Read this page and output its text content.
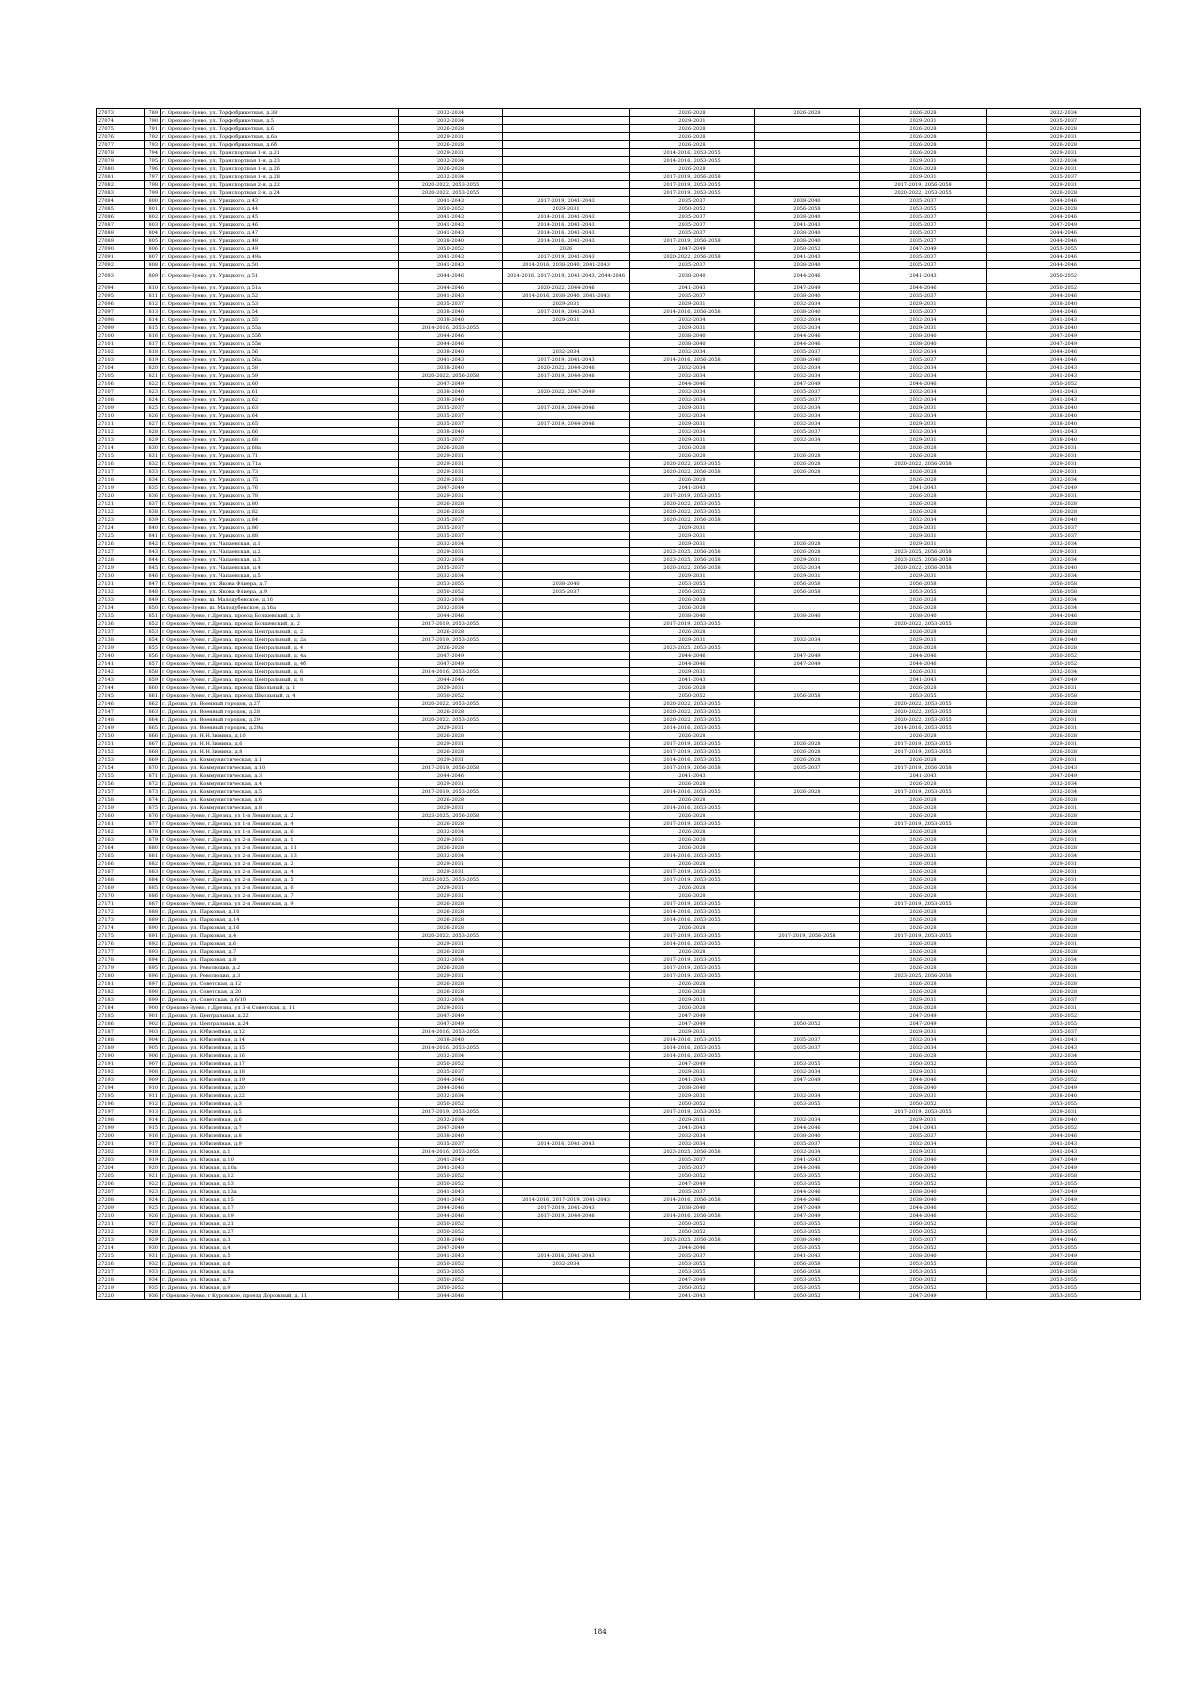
27073	789	г. Орехово-Зуево, ул. Торфобрикетная, д.38	2032-2034		2026-2028	2026-2028	2026-2028	2032-2034
27074	790	г. Орехово-Зуево, ул. Торфобрикетная, д.5	2032-2034		2029-2031		2029-2031	2035-2037
27075	791	г. Орехово-Зуево, ул. Торфобрикетная, д.6	2026-2028		2026-2028		2026-2028	2026-2028
27076	792	г. Орехово-Зуево, ул. Торфобрикетная, д.6а	2029-2031		2026-2028		2026-2028	2029-2031
27077	793	г. Орехово-Зуево, ул. Торфобрикетная, д.6б	2026-2028		2026-2028		2026-2028	2026-2028
27078	794	г. Орехово-Зуево, ул. Транспортная 1-я, д.21	2029-2031		2014-2016, 2053-2055		2026-2028	2029-2031
27079	795	г. Орехово-Зуево, ул. Транспортная 1-я, д.23	2032-2034		2014-2016, 2053-2055		2029-2031	2032-2034
27080	796	г. Орехово-Зуево, ул. Транспортная 1-я, д.26	2026-2028		2026-2028		2026-2028	2029-2031
27081	797	г. Орехово-Зуево, ул. Транспортная 1-я, д.28	2032-2034		2017-2019, 2056-2058		2029-2031	2035-2037
27082	798	г. Орехово-Зуево, ул. Транспортная 2-я, д.22	2020-2022, 2053-2055		2017-2019, 2053-2055		2017-2019, 2056-2058	2029-2031
27083	799	г. Орехово-Зуево, ул. Транспортная 2-я, д.24	2020-2022, 2053-2055		2017-2019, 2053-2055		2020-2022, 2053-2055	2026-2028
27084	800	г. Орехово-Зуево, ул. Урицкого, д.43	2041-2043	2017-2019, 2041-2043	2035-2037	2038-2040	2035-2037	2044-2046
27085	801	г. Орехово-Зуево, ул. Урицкого, д.44	2050-2052	2029-2031	2050-2052	2056-2058	2053-2055	2026-2028
27086	802	г. Орехово-Зуево, ул. Урицкого, д.45	2041-2043	2014-2016, 2041-2043	2035-2037	2038-2040	2035-2037	2044-2046
27087	803	г. Орехово-Зуево, ул. Урицкого, д.46	2041-2043	2014-2016, 2041-2043	2035-2037	2041-2043	2035-2037	2047-2049
27088	804	г. Орехово-Зуево, ул. Урицкого, д.47	2041-2043	2014-2016, 2041-2043	2035-2037	2038-2040	2035-2037	2044-2046
27089	805	г. Орехово-Зуево, ул. Урицкого, д.48	2038-2040	2014-2016, 2041-2043	2017-2019, 2056-2058	2038-2040	2035-2037	2044-2046
27090	806	г. Орехово-Зуево, ул. Урицкого, д.49	2050-2052	2026	2047-2049	2050-2052	2047-2049	2053-2055
27091	807	г. Орехово-Зуево, ул. Урицкого, д.49а	2041-2043	2017-2019, 2041-2043	2020-2022, 2056-2058	2041-2043	2035-2037	2044-2046
27092	808	г. Орехово-Зуево, ул. Урицкого, д.50	2041-2043	2014-2016, 2038-2040, 2041-2043	2035-2037	2038-2040	2035-2037	2044-2046
27093	809	г. Орехово-Зуево, ул. Урицкого, д.51	2044-2046	2014-2016, 2017-2019, 2041-2043, 2044-2046	2038-2040	2044-2046	2041-2043	2050-2052
27094	810	г. Орехово-Зуево, ул. Урицкого, д.51а	2044-2046	2020-2022, 2044-2046	2041-2043	2047-2049	2044-2046	2050-2052
27095	811	г. Орехово-Зуево, ул. Урицкого, д.52	2041-2043	2014-2016, 2038-2040, 2041-2043	2035-2037	2038-2040	2035-2037	2044-2046
27096	812	г. Орехово-Зуево, ул. Урицкого, д.53	2035-2037	2029-2031	2029-2031	2032-2034	2029-2031	2038-2040
27097	813	г. Орехово-Зуево, ул. Урицкого, д.54	2038-2040	2017-2019, 2041-2043	2014-2016, 2056-2058	2038-2040	2035-2037	2044-2046
27098	814	г. Орехово-Зуево, ул. Урицкого, д.55	2038-2040	2029-2031	2032-2034	2032-2034	2032-2034	2041-2043
27099	815	г. Орехово-Зуево, ул. Урицкого, д.55а	2014-2016, 2053-2055		2029-2031	2032-2034	2029-2031	2038-2040
27100	816	г. Орехово-Зуево, ул. Урицкого, д.55б	2044-2046		2038-2040	2044-2046	2038-2040	2047-2049
27101	817	г. Орехово-Зуево, ул. Урицкого, д.55в	2044-2046		2038-2040	2044-2046	2038-2040	2047-2049
27102	818	г. Орехово-Зуево, ул. Урицкого, д.56	2038-2040	2032-2034	2032-2034	2035-2037	2032-2034	2044-2046
27103	819	г. Орехово-Зуево, ул. Урицкого, д.56а	2041-2043	2017-2019, 2041-2043	2014-2016, 2056-2058	2038-2040	2035-2037	2044-2046
27104	820	г. Орехово-Зуево, ул. Урицкого, д.58	2038-2040	2020-2022, 2044-2046	2032-2034	2032-2034	2032-2034	2041-2043
27105	821	г. Орехово-Зуево, ул. Урицкого, д.59	2020-2022, 2056-2058	2017-2019, 2044-2046	2032-2034	2032-2034	2032-2034	2041-2043
27106	822	г. Орехово-Зуево, ул. Урицкого, д.60	2047-2049		2044-2046	2047-2049	2044-2046	2050-2052
27107	823	г. Орехово-Зуево, ул. Урицкого, д.61	2038-2040	2020-2022, 2047-2049	2032-2034	2035-2037	2032-2034	2041-2043
27108	824	г. Орехово-Зуево, ул. Урицкого, д.62	2038-2040		2032-2034	2035-2037	2032-2034	2041-2043
27109	825	г. Орехово-Зуево, ул. Урицкого, д.63	2035-2037	2017-2019, 2044-2046	2029-2031	2032-2034	2029-2031	2038-2040
27110	826	г. Орехово-Зуево, ул. Урицкого, д.64	2035-2037		2032-2034	2032-2034	2032-2034	2038-2040
27111	827	г. Орехово-Зуево, ул. Урицкого, д.65	2035-2037	2017-2019, 2044-2046	2029-2031	2032-2034	2029-2031	2038-2040
27112	828	г. Орехово-Зуево, ул. Урицкого, д.66	2038-2040		2032-2034	2035-2037	2032-2034	2041-2043
27113	829	г. Орехово-Зуево, ул. Урицкого, д.68	2035-2037		2029-2031	2032-2034	2029-2031	2038-2040
27114	830	г. Орехово-Зуево, ул. Урицкого, д.68а	2026-2028		2026-2028		2026-2028	2029-2031
27115	831	г. Орехово-Зуево, ул. Урицкого, д.71	2029-2031		2026-2028	2026-2028	2026-2028	2029-2031
27116	832	г. Орехово-Зуево, ул. Урицкого, д.71а	2029-2031		2020-2022, 2053-2055	2026-2028	2020-2022, 2056-2058	2029-2031
27117	833	г. Орехово-Зуево, ул. Урицкого, д.73	2029-2031		2020-2022, 2056-2058	2026-2028	2026-2028	2029-2031
27118	834	г. Орехово-Зуево, ул. Урицкого, д.75	2029-2031		2026-2028		2026-2028	2032-2034
27119	835	г. Орехово-Зуево, ул. Урицкого, д.76	2047-2049		2041-2043		2041-2043	2047-2049
27120	836	г. Орехово-Зуево, ул. Урицкого, д.78	2029-2031		2017-2019, 2053-2055		2026-2028	2029-2031
27121	837	г. Орехово-Зуево, ул. Урицкого, д.80	2026-2028		2020-2022, 2053-2055		2026-2028	2026-2028
27122	838	г. Орехово-Зуево, ул. Урицкого, д.82	2026-2028		2020-2022, 2053-2055		2026-2028	2026-2028
27123	839	г. Орехово-Зуево, ул. Урицкого, д.84	2035-2037		2020-2022, 2056-2058		2032-2034	2038-2040
27124	840	г. Орехово-Зуево, ул. Урицкого, д.86	2035-2037		2029-2031		2029-2031	2035-2037
27125	841	г. Орехово-Зуево, ул. Урицкого, д.88	2035-2037		2029-2031		2029-2031	2035-2037
27126	842	г. Орехово-Зуево, ул. Чапаевская, д.1	2032-2034		2029-2031	2026-2028	2029-2031	2032-2034
27127	843	г. Орехово-Зуево, ул. Чапаевская, д.2	2029-2031		2023-2025, 2056-2058	2026-2028	2023-2025, 2056-2058	2029-2031
27128	844	г. Орехово-Зуево, ул. Чапаевская, д.3	2032-2034		2023-2025, 2056-2058	2029-2031	2023-2025, 2056-2058	2032-2034
27129	845	г. Орехово-Зуево, ул. Чапаевская, д.4	2035-2037		2020-2022, 2056-2058	2032-2034	2020-2022, 2056-2058	2038-2040
27130	846	г. Орехово-Зуево, ул. Чапаевская, д.5	2032-2034		2029-2031	2029-2031	2029-2031	2032-2034
27131	847	г. Орехово-Зуево, ул. Якова Флиера, д.7	2053-2055	2038-2040	2053-2055	2056-2058	2056-2058	2056-2058
27132	848	г. Орехово-Зуево, ул. Якова Флиера, д.9	2050-2052	2035-2037	2050-2052	2056-2058	2053-2055	2056-2058
27133	849	г. Орехово-Зуево, ш. Малодубенское, д.16	2032-2034		2026-2028		2026-2028	2032-2034
27134	850	г. Орехово-Зуево, ш. Малодубенское, д.16а	2032-2034		2026-2028		2026-2028	2032-2034
27135	851	г Орехово-Зуево, г.Дрезна, проезд Болшевский, д. 3	2044-2046		2038-2040	2038-2040	2038-2040	2044-2046
27136	852	г Орехово-Зуево, г.Дрезна, проезд Болшевский, д. 2	2017-2019, 2053-2055		2017-2019, 2053-2055		2020-2022, 2053-2055	2026-2028
27137	853	г Орехово-Зуево, г.Дрезна, проезд Центральный, д. 2	2026-2028		2026-2028		2026-2028	2026-2028
27138	854	г Орехово-Зуево, г.Дрезна, проезд Центральный, д. 2а	2017-2019, 2053-2055		2029-2031	2032-2034	2029-2031	2038-2040
27139	855	г Орехово-Зуево, г.Дрезна, проезд Центральный, д. 4	2026-2028		2023-2025, 2053-2055		2026-2028	2026-2028
27140	856	г Орехово-Зуево, г.Дрезна, проезд Центральный, д. 4а	2047-2049		2044-2046	2047-2049	2044-2046	2050-2052
27141	857	г Орехово-Зуево, г.Дрезна, проезд Центральный, д. 4б	2047-2049		2044-2046	2047-2049	2044-2046	2050-2052
27142	858	г Орехово-Зуево, г.Дрезна, проезд Центральный, д. 6	2014-2016, 2053-2055		2029-2031		2026-2031	2032-2034
27143	859	г Орехово-Зуево, г.Дрезна, проезд Центральный, д. 8	2044-2046		2041-2043		2041-2043	2047-2049
27144	860	г Орехово-Зуево, г.Дрезна, проезд Школьный, д. 1	2029-2031		2026-2028		2026-2028	2029-2031
27145	861	г Орехово-Зуево, г.Дрезна, проезд Школьный, д. 4	2050-2052		2050-2052	2056-2058	2053-2055	2056-2058
27146	862	г. Дрезна, ул. Военный городок, д.27	2020-2022, 2053-2055		2020-2022, 2053-2055		2020-2022, 2053-2055	2026-2028
27147	863	г. Дрезна, ул. Военный городок, д.28	2026-2028		2020-2022, 2053-2055		2020-2022, 2053-2055	2026-2028
27148	864	г. Дрезна, ул. Военный городок, д.29	2020-2022, 2053-2055		2020-2022, 2053-2055		2020-2022, 2053-2055	2029-2031
27149	865	г. Дрезна, ул. Военный городок, д.29а	2029-2031		2014-2016, 2053-2055		2014-2016, 2053-2055	2029-2031
27150	866	г. Дрезна, ул. Н.Н.Зимина, д.10	2026-2028		2026-2028		2026-2028	2026-2028
27151	867	г. Дрезна, ул. Н.Н.Зимина, д.6	2029-2031		2017-2019, 2053-2055	2026-2028	2017-2019, 2053-2055	2029-2031
27152	868	г. Дрезна, ул. Н.Н.Зимина, д.8	2026-2028		2017-2019, 2053-2055	2026-2028	2017-2019, 2053-2055	2026-2028
27153	869	г. Дрезна, ул. Коммунистическая, д.1	2029-2031		2014-2016, 2053-2055	2026-2028	2026-2028	2029-2031
27154	870	г. Дрезна, ул. Коммунистическая, д.10	2017-2019, 2056-2058		2017-2019, 2056-2058	2035-2037	2017-2019, 2056-2058	2041-2043
27155	871	г. Дрезна, ул. Коммунистическая, д.3	2044-2046		2041-2043		2041-2043	2047-2049
27156	872	г. Дрезна, ул. Коммунистическая, д.4	2029-2031		2026-2028		2026-2028	2032-2034
27157	873	г. Дрезна, ул. Коммунистическая, д.5	2017-2019, 2053-2055		2014-2016, 2053-2055	2026-2028	2017-2019, 2053-2055	2032-2034
27158	874	г. Дрезна, ул. Коммунистическая, д.6	2026-2028		2026-2028		2026-2028	2026-2028
27159	875	г. Дрезна, ул. Коммунистическая, д.8	2029-2031		2014-2016, 2053-2055		2026-2028	2029-2031
27160	876	г Орехово-Зуево, г.Дрезна, ул 1-я Ленинская, д. 2	2023-2025, 2056-2058		2026-2028		2026-2028	2026-2028
27161	877	г Орехово-Зуево, г.Дрезна, ул 1-я Ленинская, д. 4	2026-2028		2017-2019, 2053-2055		2017-2019, 2053-2055	2026-2028
27162	878	г Орехово-Зуево, г.Дрезна, ул 1-я Ленинская, д. 6	2032-2034		2026-2028		2026-2028	2032-2034
27163	879	г Орехово-Зуево, г.Дрезна, ул 2-я Ленинская, д. 1	2029-2031		2026-2028		2026-2028	2029-2031
27164	880	г Орехово-Зуево, г.Дрезна, ул 2-я Ленинская, д. 11	2026-2028		2026-2028		2026-2028	2026-2028
27165	881	г Орехово-Зуево, г.Дрезна, ул 2-я Ленинская, д. 13	2032-2034		2014-2016, 2053-2055		2029-2031	2032-2034
27166	882	г Орехово-Зуево, г.Дрезна, ул 2-я Ленинская, д. 2	2029-2031		2026-2028		2026-2028	2029-2031
27167	883	г Орехово-Зуево, г.Дрезна, ул 2-я Ленинская, д. 4	2029-2031		2017-2019, 2053-2055		2026-2028	2029-2031
27168	884	г Орехово-Зуево, г.Дрезна, ул 2-я Ленинская, д. 5	2023-2025, 2053-2055		2017-2019, 2053-2055		2026-2028	2029-2031
27169	885	г Орехово-Зуево, г.Дрезна, ул 2-я Ленинская, д. 6	2029-2031		2026-2028		2026-2028	2032-2034
27170	886	г Орехово-Зуево, г.Дрезна, ул 2-я Ленинская, д. 7	2029-2031		2026-2028		2026-2028	2029-2031
27171	887	г Орехово-Зуево, г.Дрезна, ул 2-я Ленинская, д. 9	2026-2028		2017-2019, 2053-2055		2017-2019, 2053-2055	2026-2028
27172	888	г. Дрезна, ул. Парковая, д.10	2026-2028		2014-2016, 2053-2055		2026-2028	2026-2028
27173	889	г. Дрезна, ул. Парковая, д.14	2026-2028		2014-2016, 2053-2055		2026-2028	2026-2028
27174	890	г. Дрезна, ул. Парковая, д.16	2026-2028		2026-2028		2026-2028	2026-2028
27175	891	г. Дрезна, ул. Парковая, д.4	2020-2022, 2053-2055		2017-2019, 2053-2055	2017-2019, 2056-2058	2017-2019, 2053-2055	2026-2028
27176	892	г. Дрезна, ул. Парковая, д.6	2029-2031		2014-2016, 2053-2055		2026-2028	2029-2031
27177	893	г. Дрезна, ул. Парковая, д.7	2026-2028		2026-2028		2026-2028	2026-2028
27178	894	г. Дрезна, ул. Парковая, д.8	2032-2034		2017-2019, 2053-2055		2026-2028	2032-2034
27179	895	г. Дрезна, ул. Революции, д.2	2026-2028		2017-2019, 2053-2055		2026-2028	2026-2028
27180	896	г. Дрезна, ул. Революции, д.3	2029-2031		2017-2019, 2053-2055		2023-2025, 2056-2058	2029-2031
27181	897	г. Дрезна, ул. Советская, д.12	2026-2028		2026-2028		2026-2028	2026-2028
27182	898	г. Дрезна, ул. Советская, д.20	2026-2028		2026-2028		2026-2028	2026-2028
27183	899	г. Дрезна, ул. Советская, д.6/10	2032-2034		2029-2031		2029-2031	2035-2037
27184	900	г Орехово-Зуево, г.Дрезна, ул 3-я Советская, д. 11	2029-2031		2026-2028		2026-2028	2029-2031
27185	901	г. Дрезна, ул. Центральная, д.22	2047-2049		2047-2049		2047-2049	2050-2052
27186	902	г. Дрезна, ул. Центральная, д.24	2047-2049		2047-2049	2050-2052	2047-2049	2053-2055
27187	903	г. Дрезна, ул. Юбилейная, д.12	2014-2016, 2053-2055		2029-2031		2029-2031	2035-2037
27188	904	г. Дрезна, ул. Юбилейная, д.14	2038-2040		2014-2016, 2053-2055	2035-2037	2032-2034	2041-2043
27189	905	г. Дрезна, ул. Юбилейная, д.15	2014-2016, 2053-2055		2014-2016, 2053-2055	2035-2037	2032-2034	2041-2043
27190	906	г. Дрезна, ул. Юбилейная, д.16	2032-2034		2014-2016, 2053-2055		2026-2028	2032-2034
27191	907	г. Дрезна, ул. Юбилейная, д.17	2050-2052		2047-2049	2053-2055	2050-2052	2053-2055
27192	908	г. Дрезна, ул. Юбилейная, д.18	2035-2037		2029-2031	2032-2034	2029-2031	2038-2040
27193	909	г. Дрезна, ул. Юбилейная, д.19	2044-2046		2041-2043	2047-2049	2044-2046	2050-2052
27194	910	г. Дрезна, ул. Юбилейная, д.20	2044-2046		2038-2040		2038-2040	2047-2049
27195	911	г. Дрезна, ул. Юбилейная, д.22	2032-2034		2029-2031	2032-2034	2029-2031	2038-2040
27196	912	г. Дрезна, ул. Юбилейная, д.3	2050-2052		2050-2052	2053-2055	2050-2052	2053-2055
27197	913	г. Дрезна, ул. Юбилейная, д.5	2017-2019, 2053-2055		2017-2019, 2053-2055		2017-2019, 2053-2055	2029-2031
27198	914	г. Дрезна, ул. Юбилейная, д.6	2032-2034		2029-2031	2032-2034	2029-2031	2038-2040
27199	915	г. Дрезна, ул. Юбилейная, д.7	2047-2049		2041-2043	2044-2046	2041-2043	2050-2052
27200	916	г. Дрезна, ул. Юбилейная, д.8	2038-2040		2032-2034	2038-2040	2035-2037	2044-2046
27201	917	г. Дрезна, ул. Юбилейная, д.9	2035-2037	2014-2016, 2041-2043	2032-2034	2035-2037	2032-2034	2041-2043
27202	918	г. Дрезна, ул. Южная, д.1	2014-2016, 2053-2055		2023-2025, 2056-2058	2032-2034	2029-2031	2041-2043
27203	919	г. Дрезна, ул. Южная, д.10	2041-2043		2035-2037	2041-2043	2038-2040	2047-2049
27204	920	г. Дрезна, ул. Южная, д.10а	2041-2043		2035-2037	2044-2046	2038-2040	2047-2049
27205	921	г. Дрезна, ул. Южная, д.12	2050-2052		2050-2052	2053-2055	2050-2052	2056-2058
27206	922	г. Дрезна, ул. Южная, д.13	2050-2052		2047-2049	2053-2055	2050-2052	2053-2055
27207	923	г. Дрезна, ул. Южная, д.13а	2041-2043		2035-2037	2044-2046	2038-2040	2047-2049
27208	924	г. Дрезна, ул. Южная, д.15	2041-2043	2014-2016, 2017-2019, 2041-2043	2014-2016, 2056-2058	2044-2046	2038-2040	2047-2049
27209	925	г. Дрезна, ул. Южная, д.17	2044-2046	2017-2019, 2041-2043	2038-2040	2047-2049	2044-2046	2050-2052
27210	926	г. Дрезна, ул. Южная, д.19	2044-2046	2017-2019, 2044-2046	2014-2016, 2056-2058	2047-2049	2044-2046	2050-2052
27211	927	г. Дрезна, ул. Южная, д.21	2050-2052		2050-2052	2053-2055	2050-2052	2056-2058
27212	928	г. Дрезна, ул. Южная, д.27	2050-2052		2050-2052	2053-2055	2050-2052	2053-2055
27213	929	г. Дрезна, ул. Южная, д.3	2038-2040		2023-2025, 2056-2058	2038-2040	2035-2037	2044-2046
27214	930	г. Дрезна, ул. Южная, д.4	2047-2049		2044-2046	2053-2055	2050-2052	2053-2055
27215	931	г. Дрезна, ул. Южная, д.5	2041-2043	2014-2016, 2041-2043	2035-2037	2041-2043	2038-2040	2047-2049
27216	932	г. Дрезна, ул. Южная, д.6	2050-2052	2032-2034	2053-2055	2056-2058	2053-2055	2056-2058
27217	933	г. Дрезна, ул. Южная, д.6а	2053-2055		2053-2055	2056-2058	2053-2055	2056-2058
27218	934	г. Дрезна, ул. Южная, д.7	2050-2052		2047-2049	2053-2055	2050-2052	2053-2055
27219	935	г. Дрезна, ул. Южная, д.9	2050-2052		2050-2052	2053-2055	2050-2052	2053-2055
27220	936	г Орехово-Зуево, г Куровское, проезд Дорожный, д. 11	2044-2046		2041-2043	2050-2052	2047-2049	2053-2055
184
